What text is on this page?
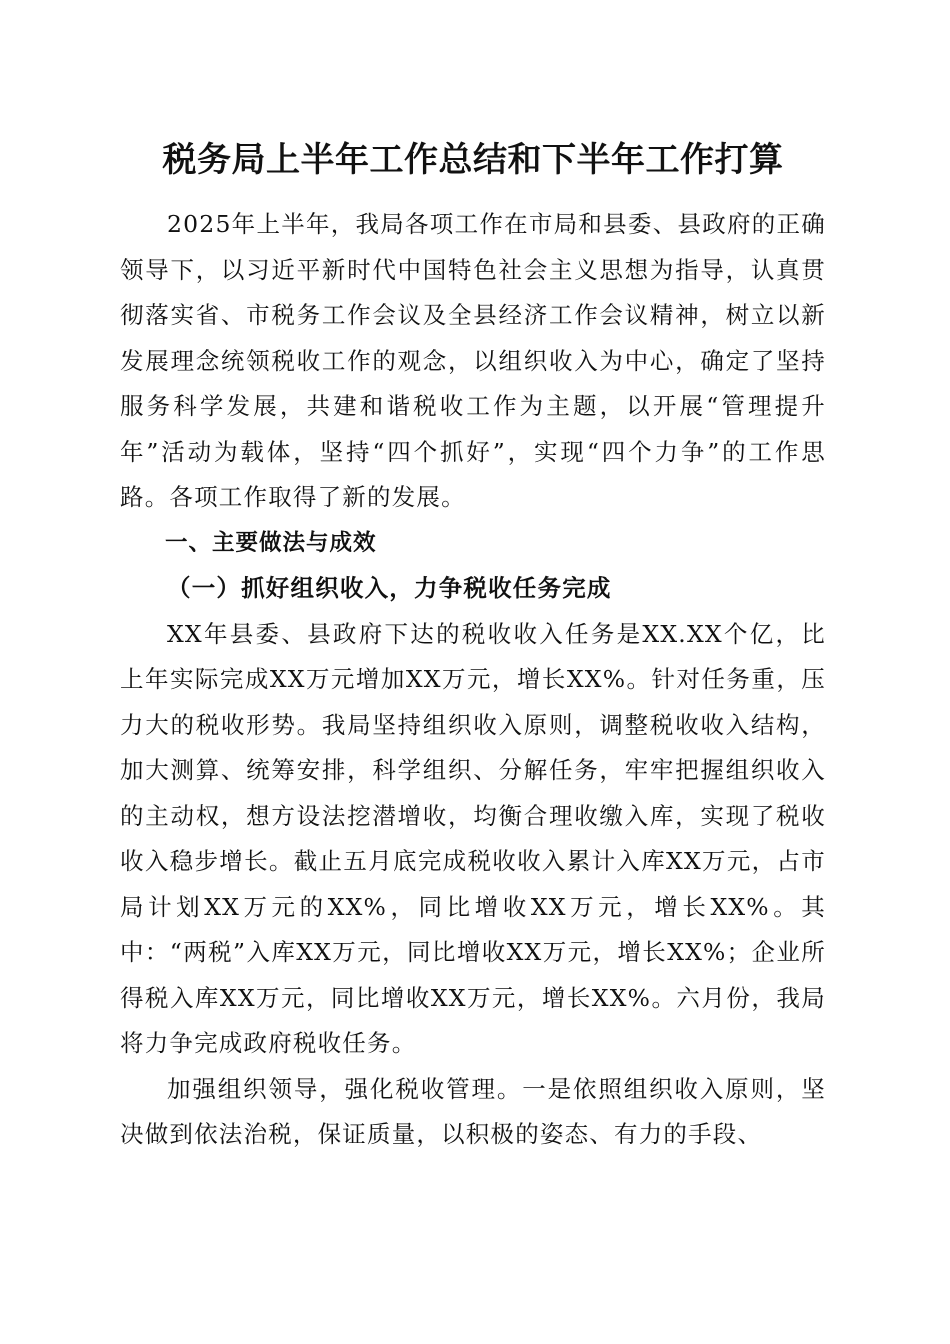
税务局上半年工作总结和下半年工作打算

2025年上半年，我局各项工作在市局和县委、县政府的正确领导下，以习近平新时代中国特色社会主义思想为指导，认真贯彻落实省、市税务工作会议及全县经济工作会议精神，树立以新发展理念统领税收工作的观念，以组织收入为中心，确定了坚持服务科学发展，共建和谐税收工作为主题，以开展“管理提升年”活动为载体，坚持“四个抓好”，实现“四个力争”的工作思路。各项工作取得了新的发展。

一、主要做法与成效
（一）抓好组织收入，力争税收任务完成

XX年县委、县政府下达的税收收入任务是XX.XX个亿，比上年实际完成XX万元增加XX万元，增长XX%。针对任务重，压力大的税收形势。我局坚持组织收入原则，调整税收收入结构，加大测算、统筹安排，科学组织、分解任务，牢牢把握组织收入的主动权，想方设法挖潜增收，均衡合理收缴入库，实现了税收收入稳步增长。截止五月底完成税收收入累计入库XX万元，占市局计划XX万元的XX%，同比增收XX万元，增长XX%。其中：“两税”入库XX万元，同比增收XX万元，增长XX%；企业所得税入库XX万元，同比增收XX万元，增长XX%。六月份，我局将力争完成政府税收任务。

加强组织领导，强化税收管理。一是依照组织收入原则，坚决做到依法治税，保证质量，以积极的姿态、有力的手段、
